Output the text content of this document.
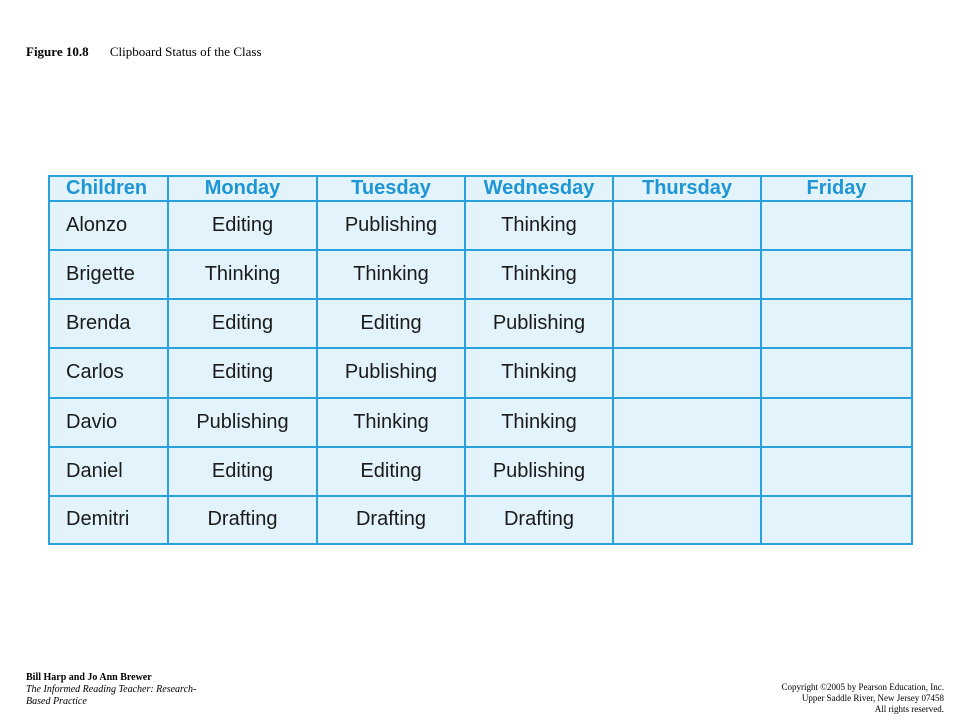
Figure 10.8 Clipboard Status of the Class
Children	Monday	Tuesday	Wednesday	Thursday	Friday
Alonzo	Editing	Publishing	Thinking		
Brigette	Thinking	Thinking	Thinking		
Brenda	Editing	Editing	Publishing		
Carlos	Editing	Publishing	Thinking		
Davio	Publishing	Thinking	Thinking		
Daniel	Editing	Editing	Publishing		
Demitri	Drafting	Drafting	Drafting		
Bill Harp and Jo Ann Brewer
The Informed Reading Teacher: Research-
Based Practice
Copyright ©2005 by Pearson Education, Inc.
Upper Saddle River, New Jersey 07458
All rights reserved.
